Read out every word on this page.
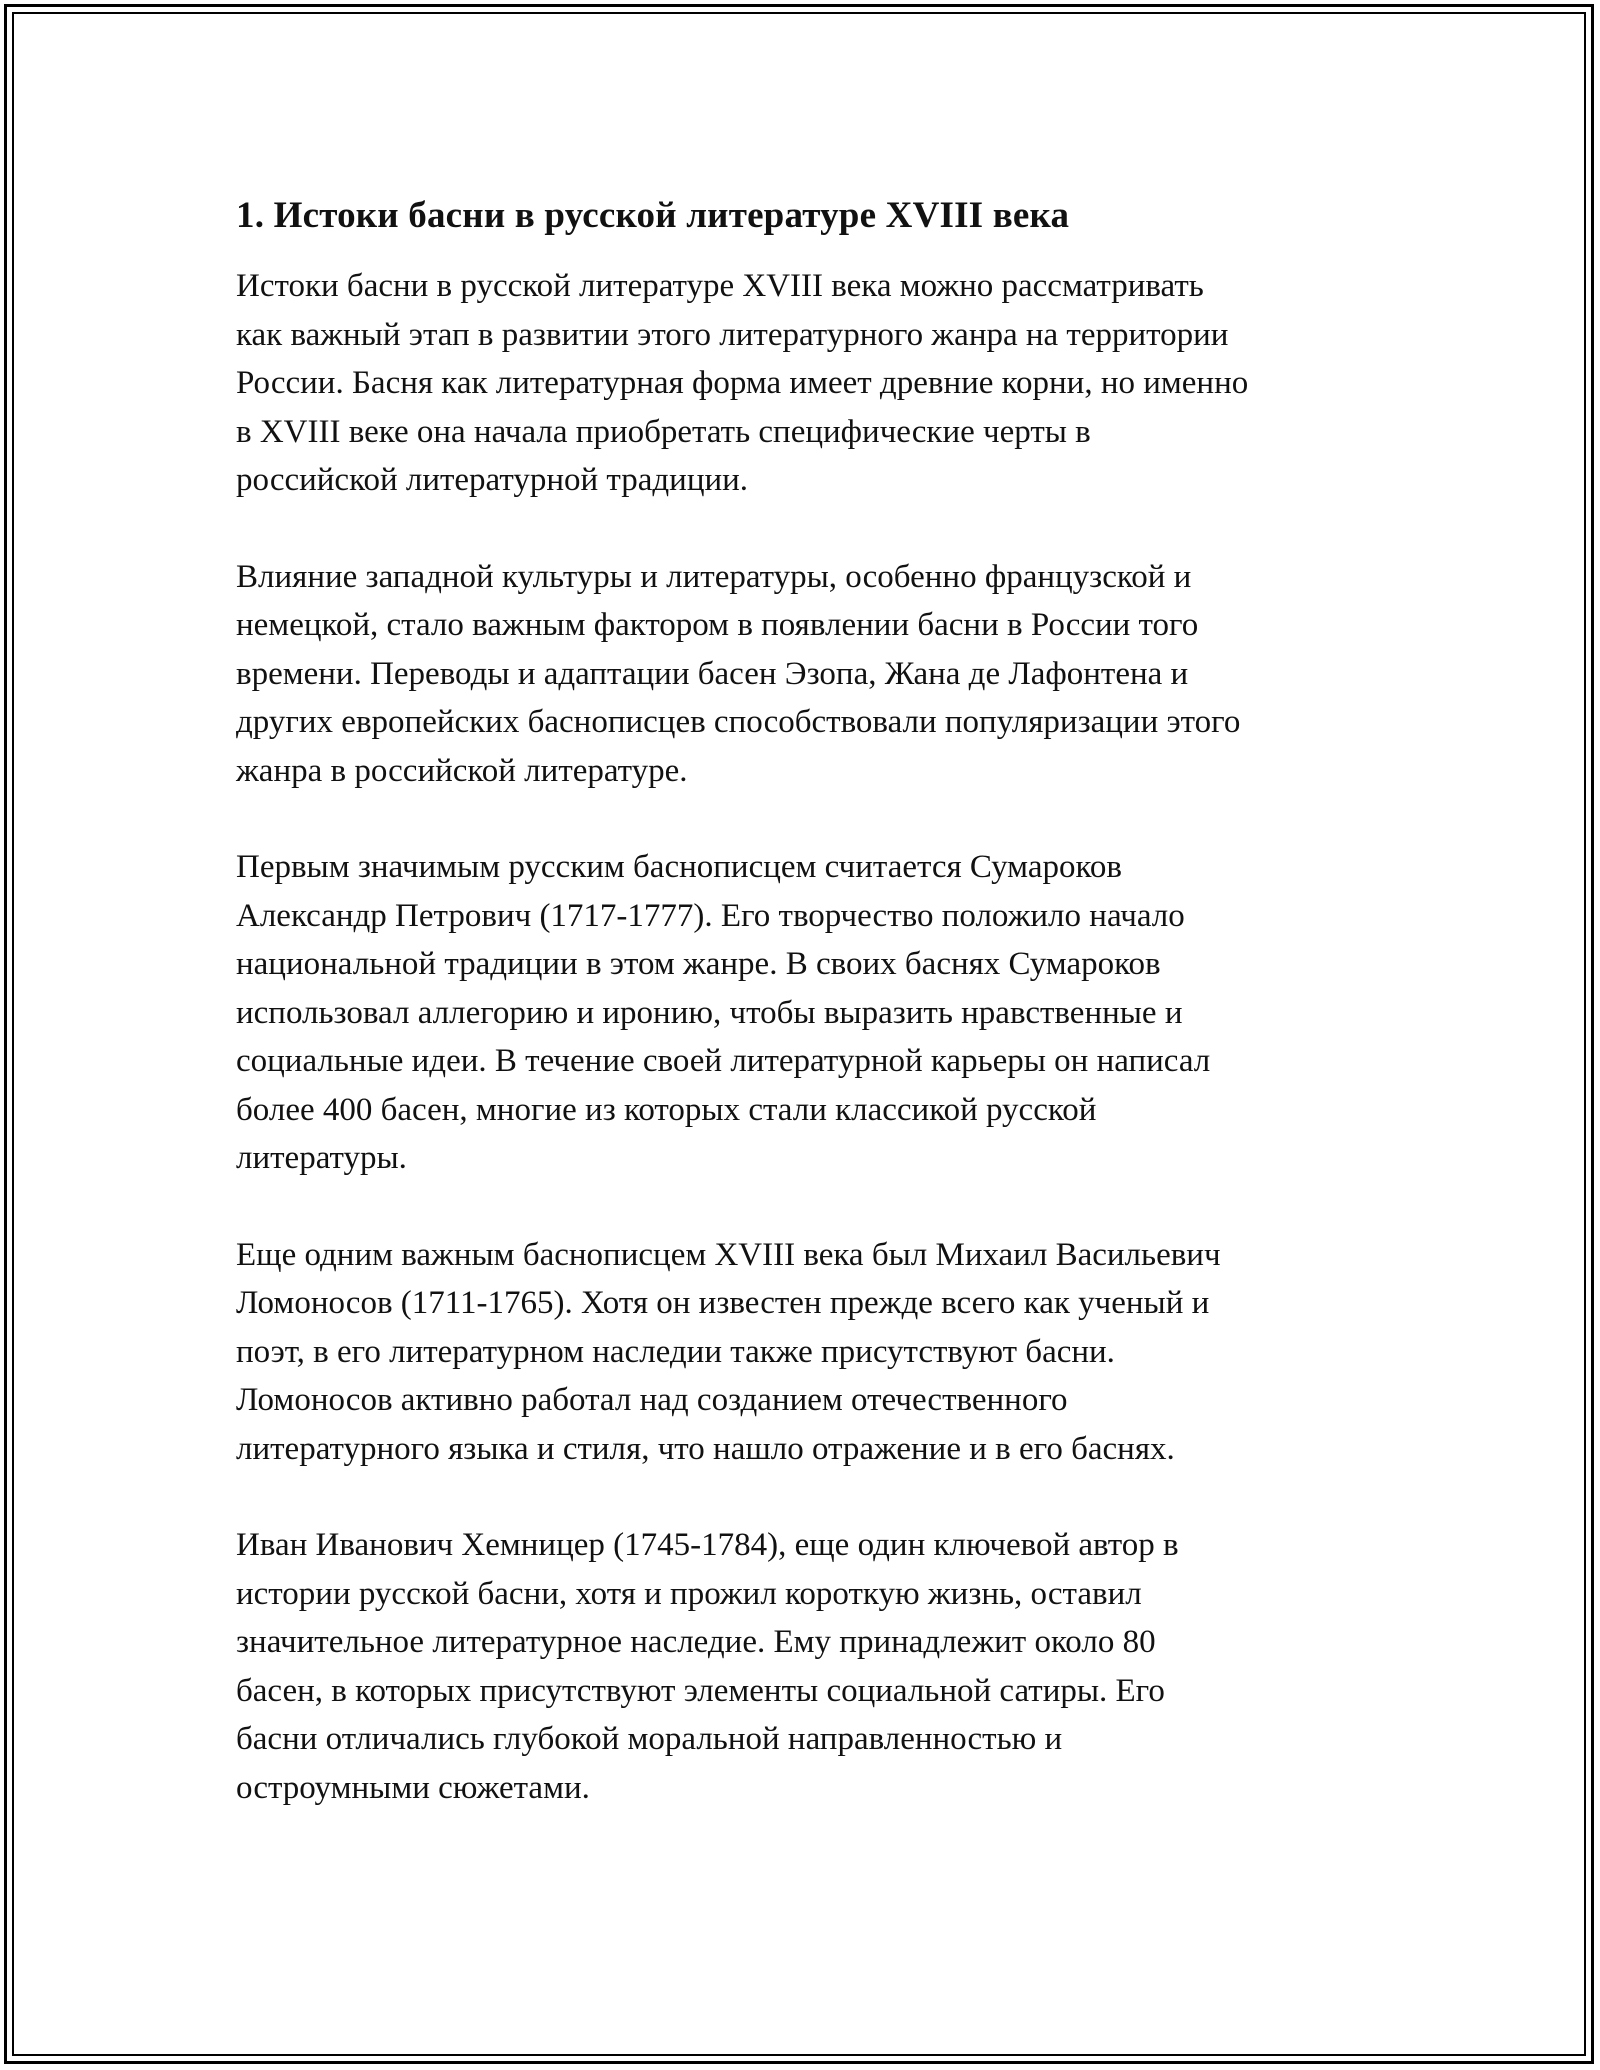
1. Истоки басни в русской литературе XVIII века

Истоки басни в русской литературе XVIII века можно рассматривать
как важный этап в развитии этого литературного жанра на территории
России. Басня как литературная форма имеет древние корни, но именно
в XVIII веке она начала приобретать специфические черты в
российской литературной традиции.

Влияние западной культуры и литературы, особенно французской и
немецкой, стало важным фактором в появлении басни в России того
времени. Переводы и адаптации басен Эзопа, Жана де Лафонтена и
других европейских баснописцев способствовали популяризации этого
жанра в российской литературе.

Первым значимым русским баснописцем считается Сумароков
Александр Петрович (1717-1777). Его творчество положило начало
национальной традиции в этом жанре. В своих баснях Сумароков
использовал аллегорию и иронию, чтобы выразить нравственные и
социальные идеи. В течение своей литературной карьеры он написал
более 400 басен, многие из которых стали классикой русской
литературы.

Еще одним важным баснописцем XVIII века был Михаил Васильевич
Ломоносов (1711-1765). Хотя он известен прежде всего как ученый и
поэт, в его литературном наследии также присутствуют басни.
Ломоносов активно работал над созданием отечественного
литературного языка и стиля, что нашло отражение и в его баснях.

Иван Иванович Хемницер (1745-1784), еще один ключевой автор в
истории русской басни, хотя и прожил короткую жизнь, оставил
значительное литературное наследие. Ему принадлежит около 80
басен, в которых присутствуют элементы социальной сатиры. Его
басни отличались глубокой моральной направленностью и
остроумными сюжетами.
